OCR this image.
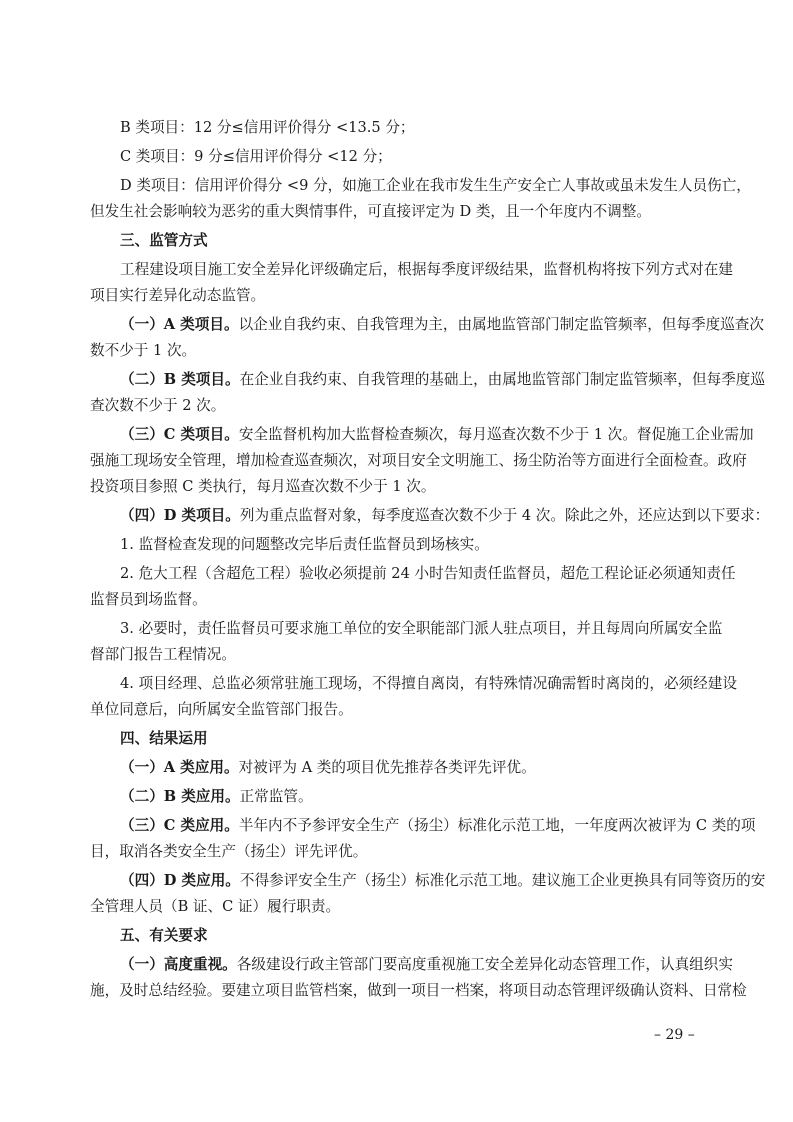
B 类项目：12 分≤信用评价得分 <13.5 分；
C 类项目：9 分≤信用评价得分 <12 分；
D 类项目：信用评价得分 <9 分，如施工企业在我市发生生产安全亡人事故或虽未发生人员伤亡，
但发生社会影响较为恶劣的重大舆情事件，可直接评定为 D 类，且一个年度内不调整。
三、监管方式
工程建设项目施工安全差异化评级确定后，根据每季度评级结果，监督机构将按下列方式对在建
项目实行差异化动态监管。
（一）A 类项目。以企业自我约束、自我管理为主，由属地监管部门制定监管频率，但每季度巡查次
数不少于 1 次。
（二）B 类项目。在企业自我约束、自我管理的基础上，由属地监管部门制定监管频率，但每季度巡
查次数不少于 2 次。
（三）C 类项目。安全监督机构加大监督检查频次，每月巡查次数不少于 1 次。督促施工企业需加
强施工现场安全管理，增加检查巡查频次，对项目安全文明施工、扬尘防治等方面进行全面检查。政府
投资项目参照 C 类执行，每月巡查次数不少于 1 次。
（四）D 类项目。列为重点监督对象，每季度巡查次数不少于 4 次。除此之外，还应达到以下要求：
1. 监督检查发现的问题整改完毕后责任监督员到场核实。
2. 危大工程（含超危工程）验收必须提前 24 小时告知责任监督员，超危工程论证必须通知责任
监督员到场监督。
3. 必要时，责任监督员可要求施工单位的安全职能部门派人驻点项目，并且每周向所属安全监
督部门报告工程情况。
4. 项目经理、总监必须常驻施工现场，不得擅自离岗，有特殊情况确需暂时离岗的，必须经建设
单位同意后，向所属安全监管部门报告。
四、结果运用
（一）A 类应用。对被评为 A 类的项目优先推荐各类评先评优。
（二）B 类应用。正常监管。
（三）C 类应用。半年内不予参评安全生产（扬尘）标准化示范工地，一年度两次被评为 C 类的项
目，取消各类安全生产（扬尘）评先评优。
（四）D 类应用。不得参评安全生产（扬尘）标准化示范工地。建议施工企业更换具有同等资历的安
全管理人员（B 证、C 证）履行职责。
五、有关要求
（一）高度重视。各级建设行政主管部门要高度重视施工安全差异化动态管理工作，认真组织实
施，及时总结经验。要建立项目监管档案，做到一项目一档案，将项目动态管理评级确认资料、日常检
– 29 –
